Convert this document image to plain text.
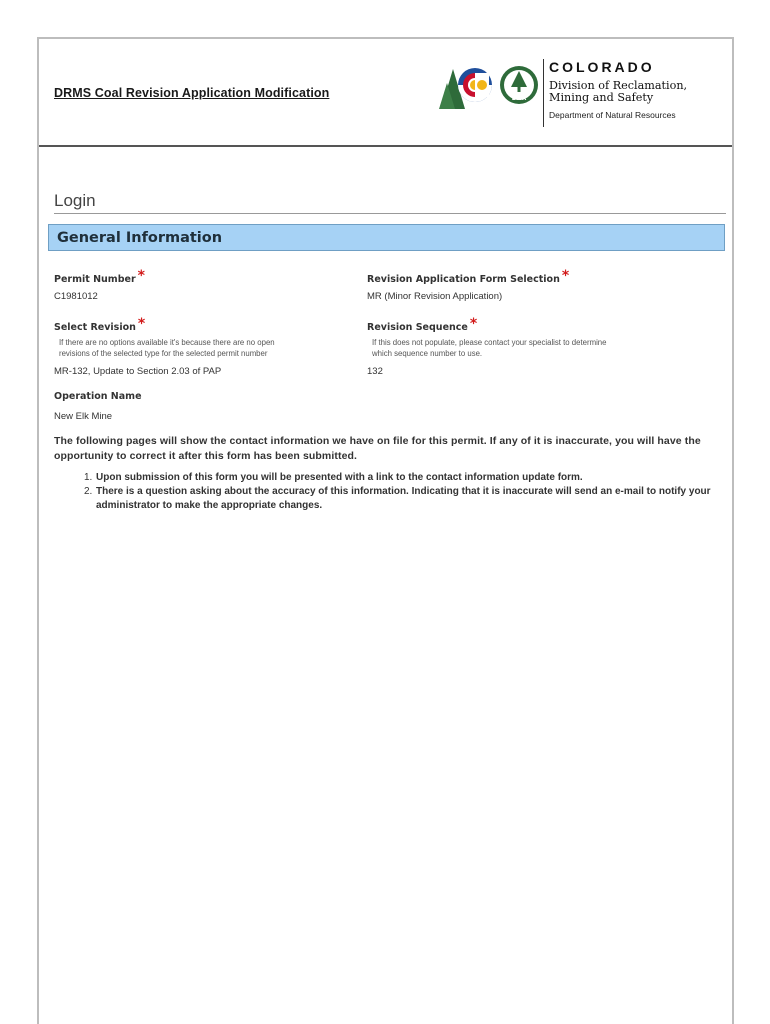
DRMS Coal Revision Application Modification	DNR
COLORADO
Division of Reclamation,
Mining and Safety
Department of Natural Resources
Login
General Information
Permit Number *
C1981012
Revision Application Form Selection *
MR (Minor Revision Application)
Select Revision *
If there are no options available it's because there are no open
revisions of the selected type for the selected permit number
MR-132, Update to Section 2.03 of PAP
Revision Sequence *
If this does not populate, please contact your specialist to determine
which sequence number to use.
132
Operation Name
New Elk Mine
The following pages will show the contact information we have on file for this permit. If any of it is inaccurate, you will have the opportunity to correct it after this form has been submitted.
1. Upon submission of this form you will be presented with a link to the contact information update form.
2. There is a question asking about the accuracy of this information. Indicating that it is inaccurate will send an e-mail to notify your administrator to make the appropriate changes.
